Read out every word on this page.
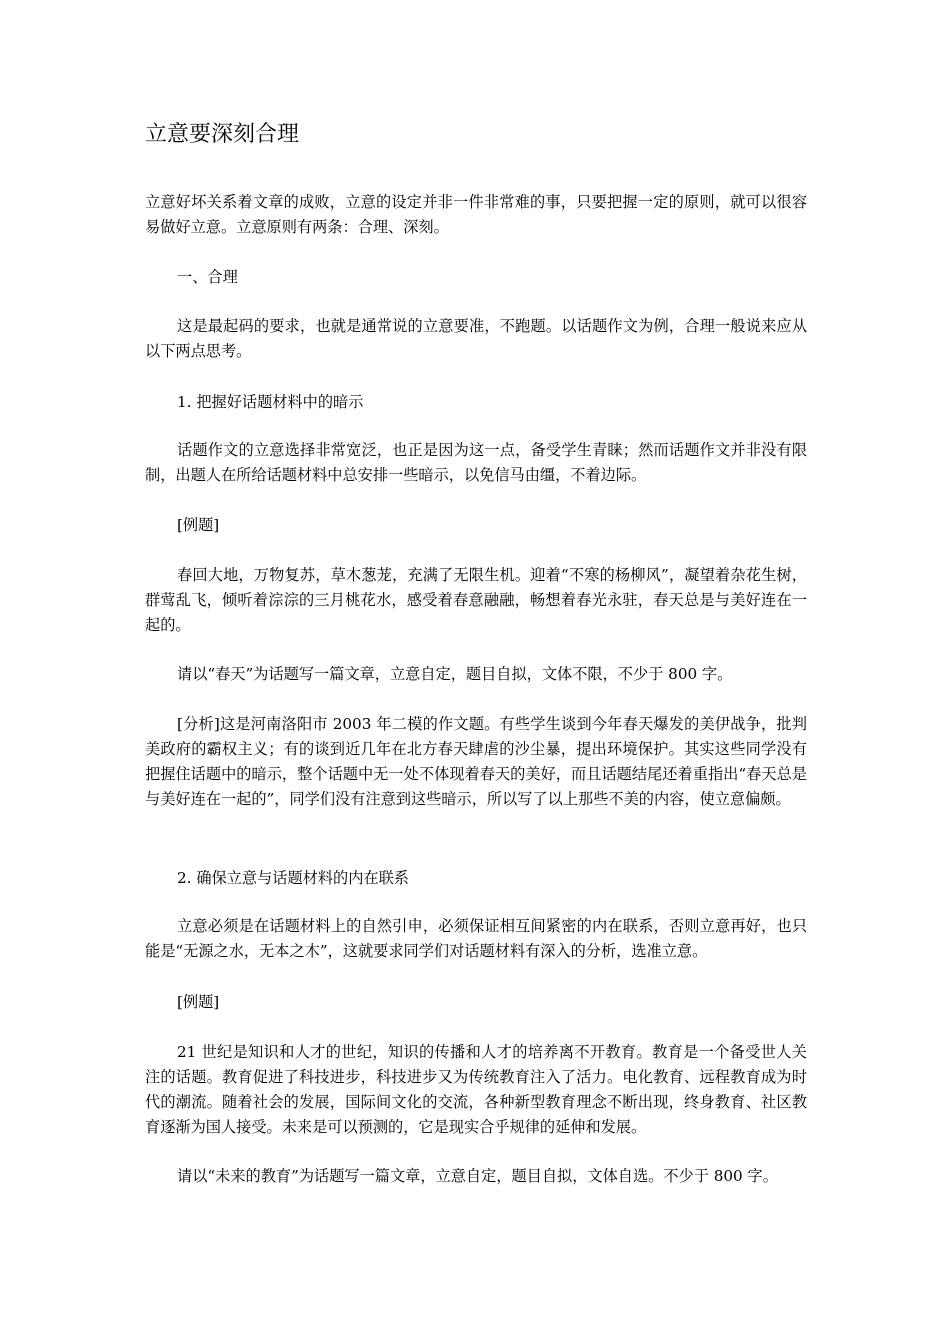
立意要深刻合理

立意好坏关系着文章的成败，立意的设定并非一件非常难的事，只要把握一定的原则，就可以很容易做好立意。立意原则有两条：合理、深刻。

一、合理

这是最起码的要求，也就是通常说的立意要准，不跑题。以话题作文为例，合理一般说来应从以下两点思考。

1. 把握好话题材料中的暗示

话题作文的立意选择非常宽泛，也正是因为这一点，备受学生青睐；然而话题作文并非没有限制，出题人在所给话题材料中总安排一些暗示，以免信马由缰，不着边际。

[例题]

春回大地，万物复苏，草木葱茏，充满了无限生机。迎着“不寒的杨柳风”，凝望着杂花生树，群莺乱飞，倾听着淙淙的三月桃花水，感受着春意融融，畅想着春光永驻，春天总是与美好连在一起的。

请以“春天”为话题写一篇文章，立意自定，题目自拟，文体不限，不少于 800 字。

[分析]这是河南洛阳市 2003 年二模的作文题。有些学生谈到今年春天爆发的美伊战争，批判美政府的霸权主义；有的谈到近几年在北方春天肆虐的沙尘暴，提出环境保护。其实这些同学没有把握住话题中的暗示，整个话题中无一处不体现着春天的美好，而且话题结尾还着重指出“春天总是与美好连在一起的”，同学们没有注意到这些暗示，所以写了以上那些不美的内容，使立意偏颇。

2. 确保立意与话题材料的内在联系

立意必须是在话题材料上的自然引申，必须保证相互间紧密的内在联系，否则立意再好，也只能是“无源之水，无本之木”，这就要求同学们对话题材料有深入的分析，选准立意。

[例题]

21 世纪是知识和人才的世纪，知识的传播和人才的培养离不开教育。教育是一个备受世人关注的话题。教育促进了科技进步，科技进步又为传统教育注入了活力。电化教育、远程教育成为时代的潮流。随着社会的发展，国际间文化的交流，各种新型教育理念不断出现，终身教育、社区教育逐渐为国人接受。未来是可以预测的，它是现实合乎规律的延伸和发展。

请以“未来的教育”为话题写一篇文章，立意自定，题目自拟，文体自选。不少于 800 字。
